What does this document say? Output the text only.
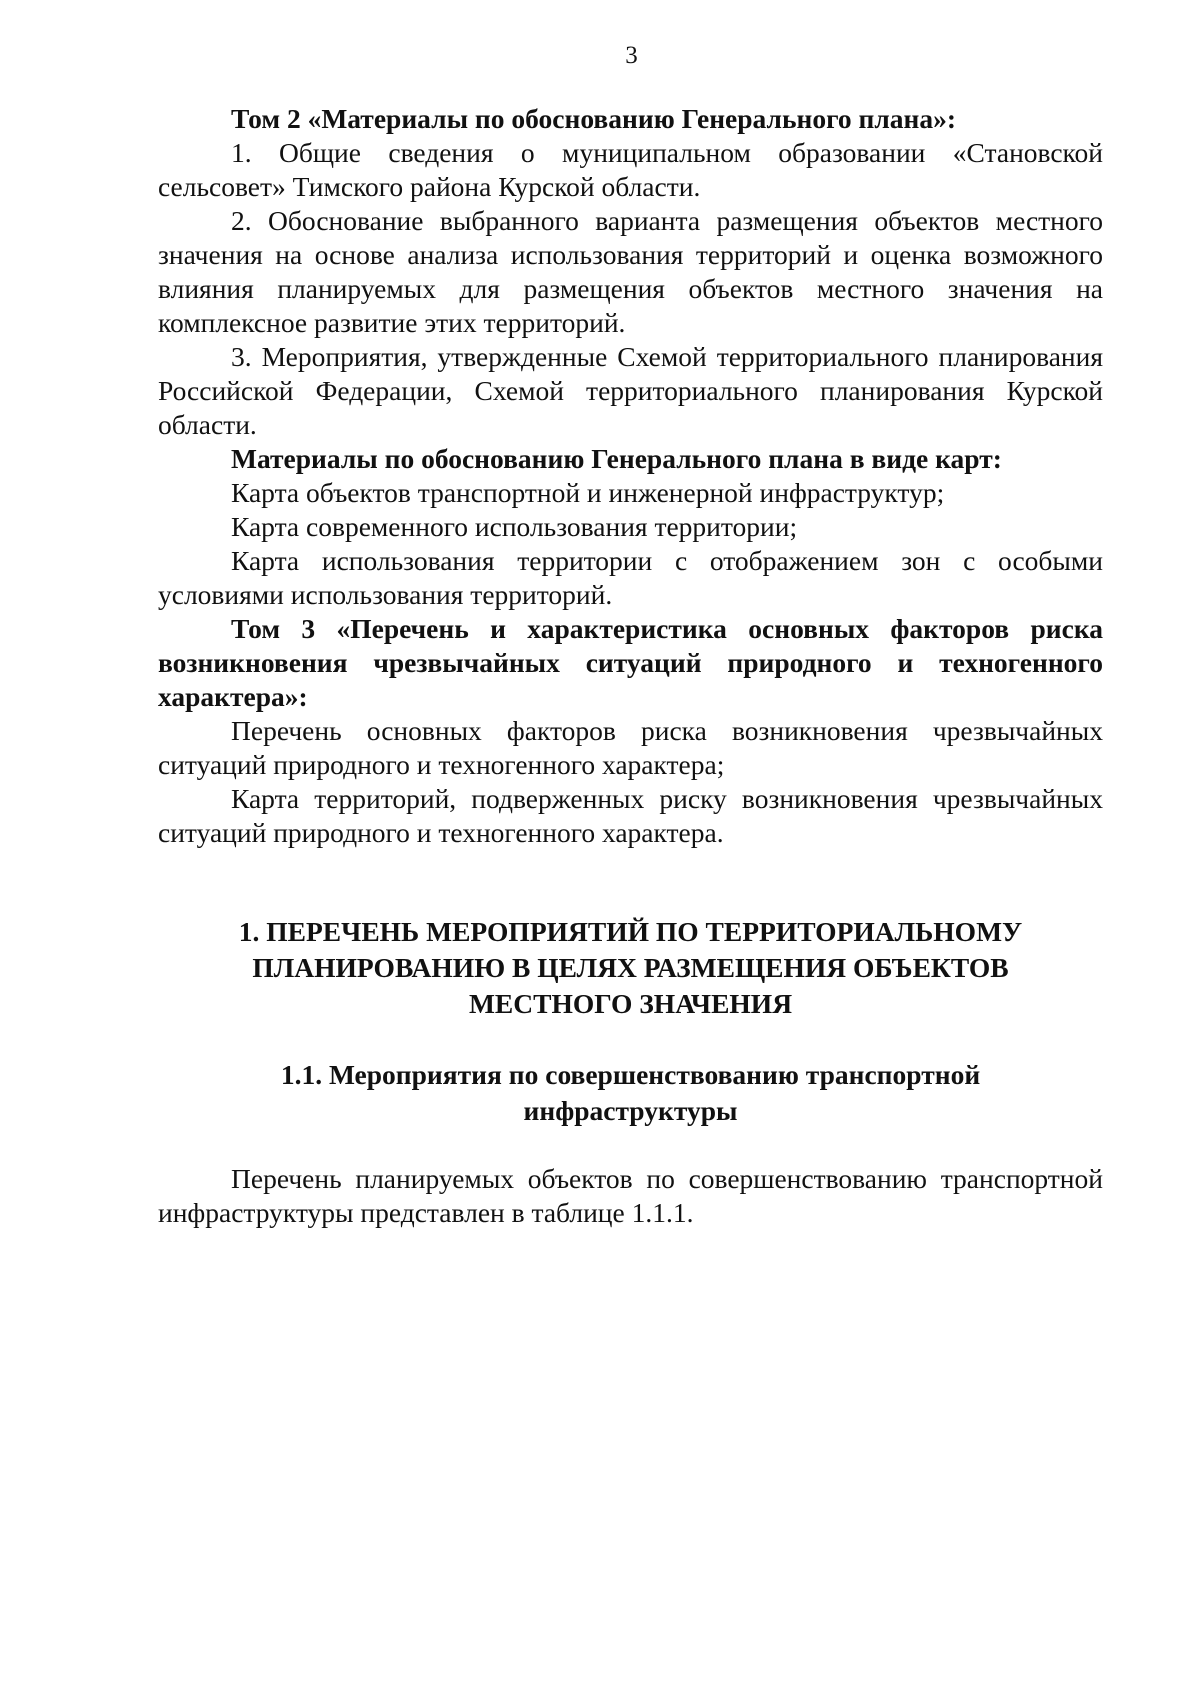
3

Том 2 «Материалы по обоснованию Генерального плана»:

1. Общие сведения о муниципальном образовании «Становской сельсовет» Тимского района Курской области.

2. Обоснование выбранного варианта размещения объектов местного значения на основе анализа использования территорий и оценка возможного влияния планируемых для размещения объектов местного значения на комплексное развитие этих территорий.

3. Мероприятия, утвержденные Схемой территориального планирования Российской Федерации, Схемой территориального планирования Курской области.

Материалы по обоснованию Генерального плана в виде карт:

Карта объектов транспортной и инженерной инфраструктур;

Карта современного использования территории;

Карта использования территории с отображением зон с особыми условиями использования территорий.

Том 3 «Перечень и характеристика основных факторов риска возникновения чрезвычайных ситуаций природного и техногенного характера»:

Перечень основных факторов риска возникновения чрезвычайных ситуаций природного и техногенного характера;

Карта территорий, подверженных риску возникновения чрезвычайных ситуаций природного и техногенного характера.

1. ПЕРЕЧЕНЬ МЕРОПРИЯТИЙ ПО ТЕРРИТОРИАЛЬНОМУ
ПЛАНИРОВАНИЮ В ЦЕЛЯХ РАЗМЕЩЕНИЯ ОБЪЕКТОВ
МЕСТНОГО ЗНАЧЕНИЯ
1.1. Мероприятия по совершенствованию транспортной
инфраструктуры

Перечень планируемых объектов по совершенствованию транспортной инфраструктуры представлен в таблице 1.1.1.
